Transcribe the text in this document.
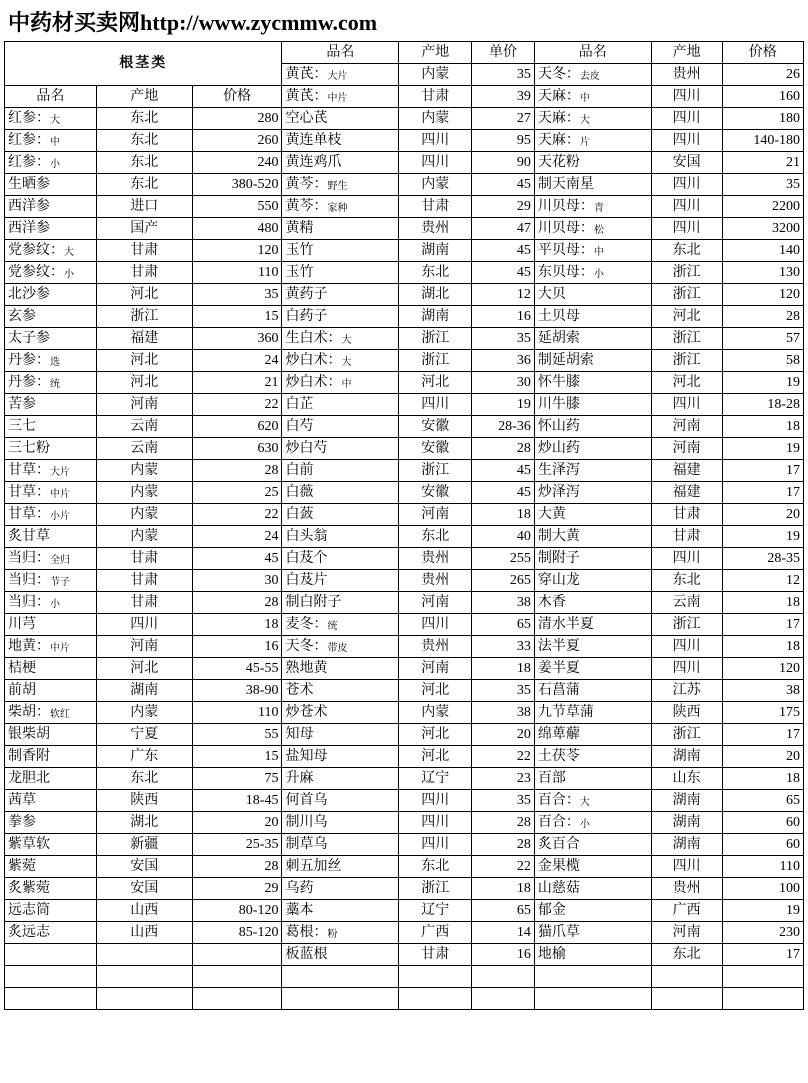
中药材买卖网http://www.zycmmw.com
根茎类			品名	产地	单价	品名	产地	价格
			黄芪：大片	内蒙	35	天冬：去皮	贵州	26
品名	产地	价格	黄芪：中片	甘肃	39	天麻：中	四川	160
红参：大	东北	280	空心芪	内蒙	27	天麻：大	四川	180
红参：中	东北	260	黄连单枝	四川	95	天麻：片	四川	140-180
红参：小	东北	240	黄连鸡爪	四川	90	天花粉	安国	21
生晒参	东北	380-520	黄芩：野生	内蒙	45	制天南星	四川	35
西洋参	进口	550	黄芩：家种	甘肃	29	川贝母：青	四川	2200
西洋参	国产	480	黄精	贵州	47	川贝母：松	四川	3200
党参纹：大	甘肃	120	玉竹	湖南	45	平贝母：中	东北	140
党参纹：小	甘肃	110	玉竹	东北	45	东贝母：小	浙江	130
北沙参	河北	35	黄药子	湖北	12	大贝	浙江	120
玄参	浙江	15	白药子	湖南	16	土贝母	河北	28
太子参	福建	360	生白术：大	浙江	35	延胡索	浙江	57
丹参：选	河北	24	炒白术：大	浙江	36	制延胡索	浙江	58
丹参：统	河北	21	炒白术：中	河北	30	怀牛膝	河北	19
苦参	河南	22	白芷	四川	19	川牛膝	四川	18-28
三七	云南	620	白芍	安徽	28-36	怀山药	河南	18
三七粉	云南	630	炒白芍	安徽	28	炒山药	河南	19
甘草：大片	内蒙	28	白前	浙江	45	生泽泻	福建	17
甘草：中片	内蒙	25	白薇	安徽	45	炒泽泻	福建	17
甘草：小片	内蒙	22	白蔹	河南	18	大黄	甘肃	20
炙甘草	内蒙	24	白头翁	东北	40	制大黄	甘肃	19
当归：全归	甘肃	45	白芨个	贵州	255	制附子	四川	28-35
当归：节子	甘肃	30	白芨片	贵州	265	穿山龙	东北	12
当归：小	甘肃	28	制白附子	河南	38	木香	云南	18
川芎	四川	18	麦冬：统	四川	65	清水半夏	浙江	17
地黄：中片	河南	16	天冬：带皮	贵州	33	法半夏	四川	18
桔梗	河北	45-55	熟地黄	河南	18	姜半夏	四川	120
前胡	湖南	38-90	苍术	河北	35	石菖蒲	江苏	38
柴胡：软红	内蒙	110	炒苍术	内蒙	38	九节草蒲	陕西	175
银柴胡	宁夏	55	知母	河北	20	绵萆薢	浙江	17
制香附	广东	15	盐知母	河北	22	土茯苓	湖南	20
龙胆北	东北	75	升麻	辽宁	23	百部	山东	18
茜草	陕西	18-45	何首乌	四川	35	百合：大	湖南	65
拳参	湖北	20	制川乌	四川	28	百合：小	湖南	60
紫草软	新疆	25-35	制草乌	四川	28	炙百合	湖南	60
紫菀	安国	28	刺五加丝	东北	22	金果榄	四川	110
炙紫菀	安国	29	乌药	浙江	18	山慈菇	贵州	100
远志筒	山西	80-120	藁本	辽宁	65	郁金	广西	19
炙远志	山西	85-120	葛根：粉	广西	14	猫爪草	河南	230
			板蓝根	甘肃	16	地榆	东北	17
